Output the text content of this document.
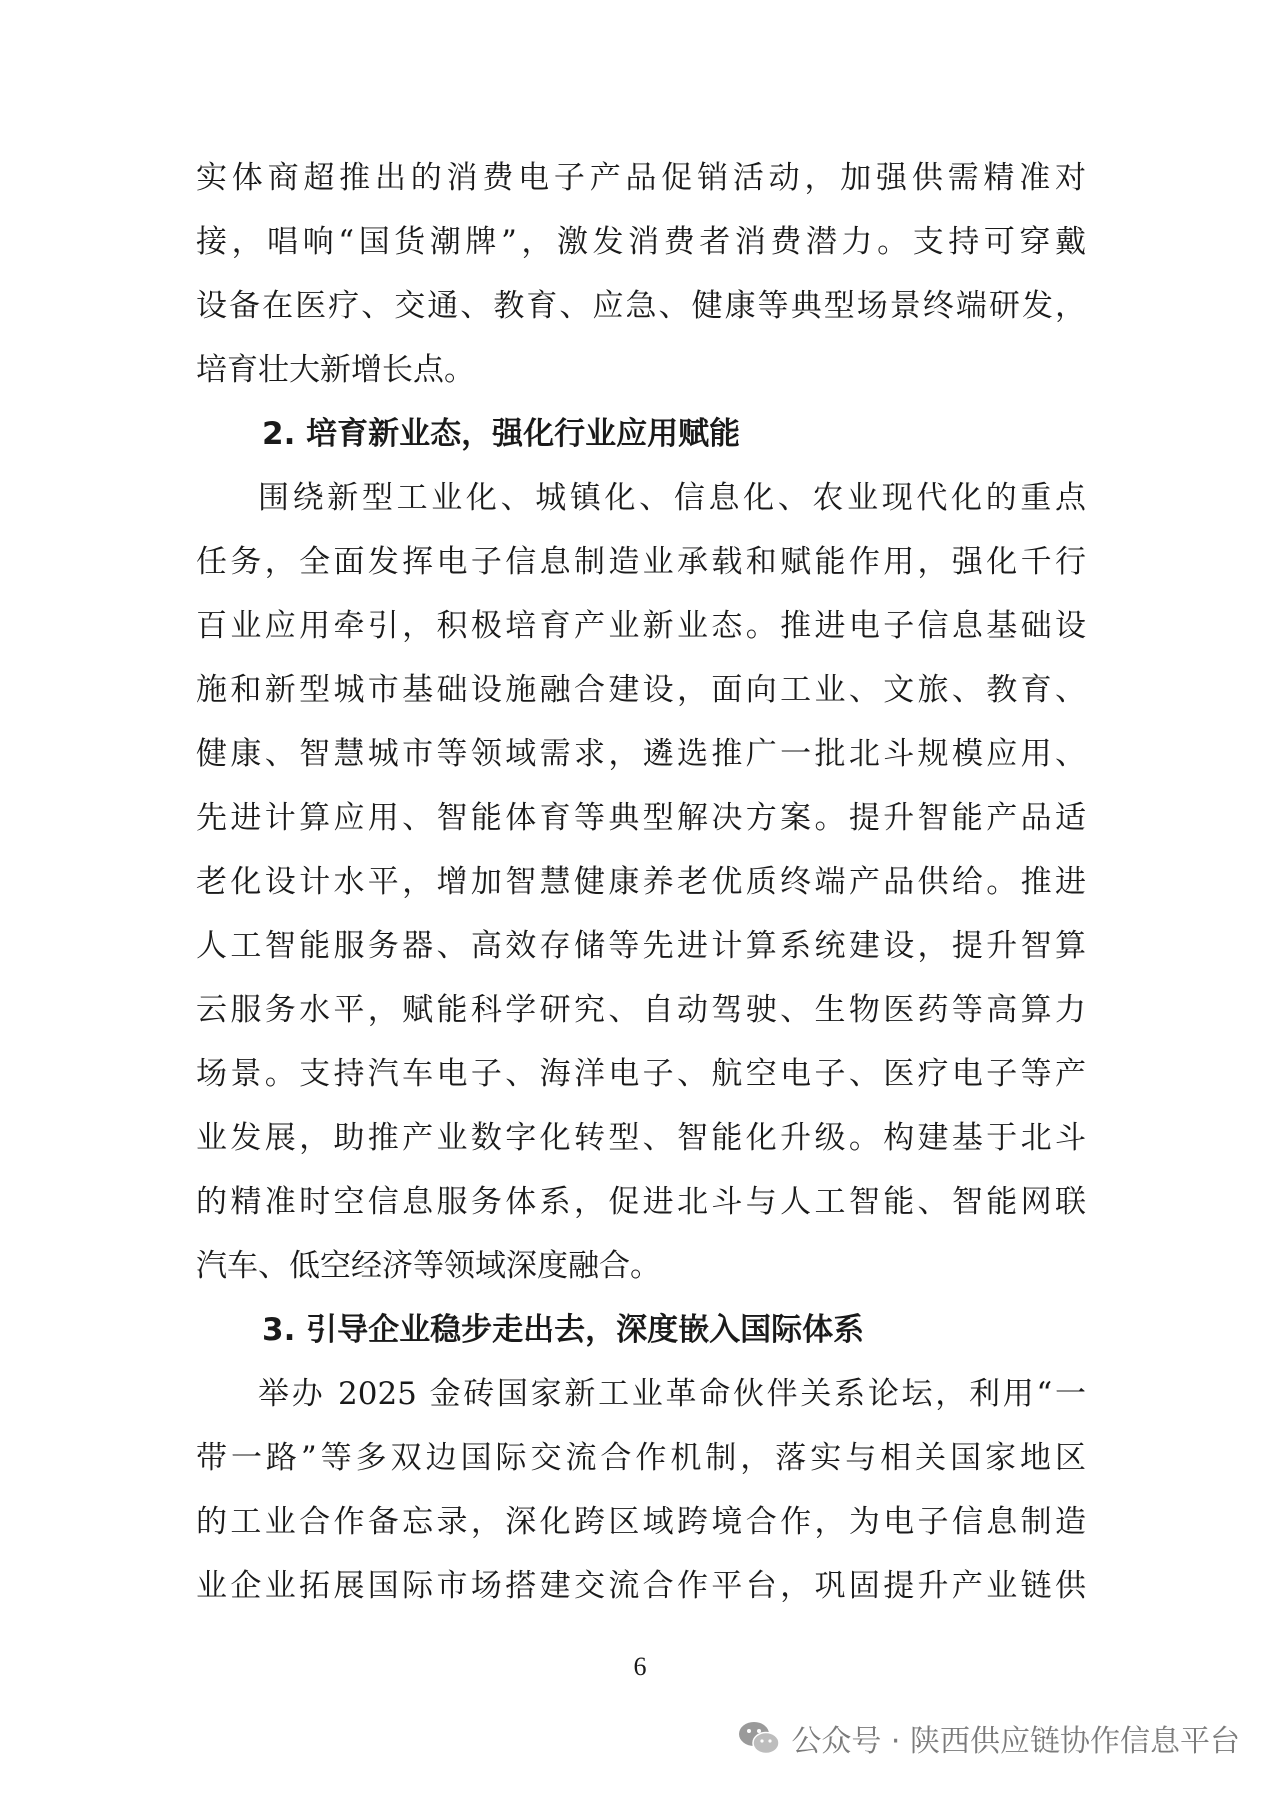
实体商超推出的消费电子产品促销活动，加强供需精准对
接，唱响“国货潮牌”，激发消费者消费潜力。支持可穿戴
设备在医疗、交通、教育、应急、健康等典型场景终端研发，
培育壮大新增长点。
2. 培育新业态，强化行业应用赋能
围绕新型工业化、城镇化、信息化、农业现代化的重点
任务，全面发挥电子信息制造业承载和赋能作用，强化千行
百业应用牵引，积极培育产业新业态。推进电子信息基础设
施和新型城市基础设施融合建设，面向工业、文旅、教育、
健康、智慧城市等领域需求，遴选推广一批北斗规模应用、
先进计算应用、智能体育等典型解决方案。提升智能产品适
老化设计水平，增加智慧健康养老优质终端产品供给。推进
人工智能服务器、高效存储等先进计算系统建设，提升智算
云服务水平，赋能科学研究、自动驾驶、生物医药等高算力
场景。支持汽车电子、海洋电子、航空电子、医疗电子等产
业发展，助推产业数字化转型、智能化升级。构建基于北斗
的精准时空信息服务体系，促进北斗与人工智能、智能网联
汽车、低空经济等领域深度融合。
3. 引导企业稳步走出去，深度嵌入国际体系
举办 2025 金砖国家新工业革命伙伴关系论坛，利用“一
带一路”等多双边国际交流合作机制，落实与相关国家地区
的工业合作备忘录，深化跨区域跨境合作，为电子信息制造
业企业拓展国际市场搭建交流合作平台，巩固提升产业链供
6
公众号 · 陕西供应链协作信息平台
